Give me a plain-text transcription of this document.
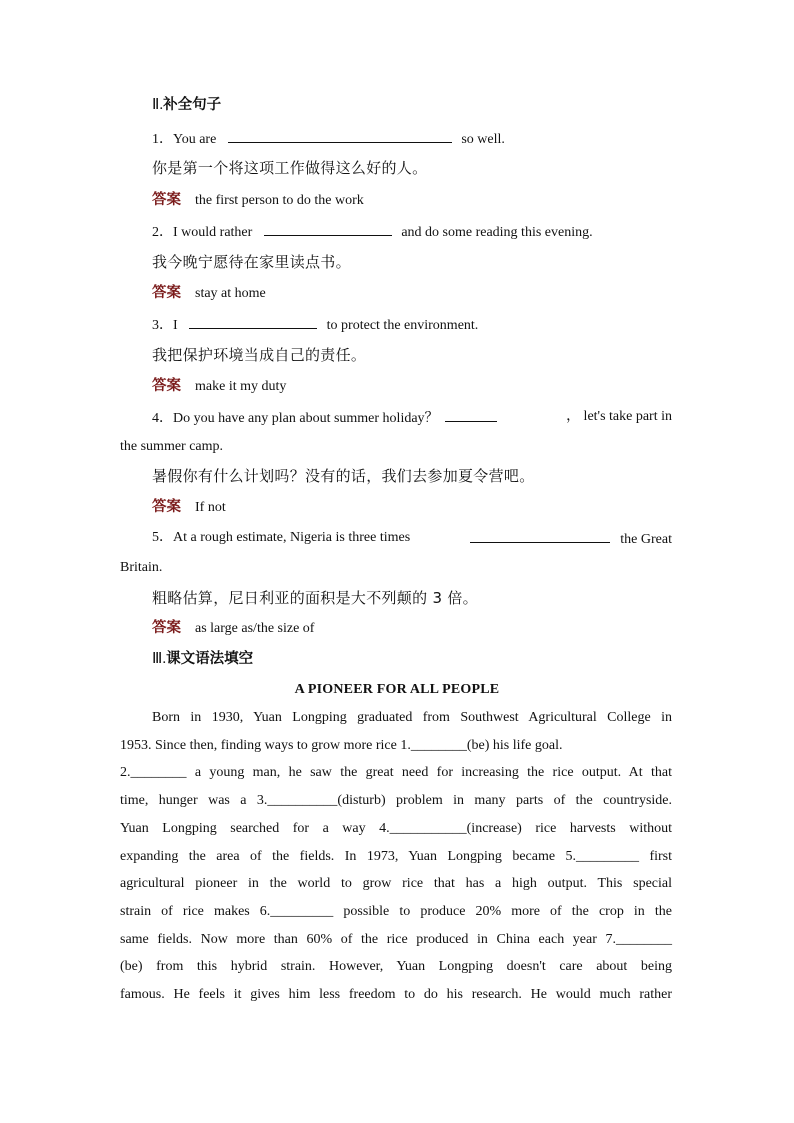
Ⅱ.补全句子
1．You are	so well.
你是第一个将这项工作做得这么好的人。
答案 the first person to do the work
2．I would rather	and do some reading this evening.
我今晚宁愿待在家里读点书。
答案 stay at home
3．I	to protect the environment.
我把保护环境当成自己的责任。
答案 make it my duty
4．Do you have any plan about summer holiday？	， let's take part in
the summer camp.
暑假你有什么计划吗？没有的话，我们去参加夏令营吧。
答案 If not
5．At a rough estimate, Nigeria is three times	the Great
Britain.
粗略估算，尼日利亚的面积是大不列颠的 3 倍。
答案 as large as/the size of
Ⅲ.课文语法填空
A PIONEER FOR ALL PEOPLE
Born in 1930, Yuan Longping graduated from Southwest Agricultural College in
1953. Since then, finding ways to grow more rice 1.________(be) his life goal.
2.________ a young man, he saw the great need for increasing the rice output. At that
time, hunger was a 3.__________(disturb) problem in many parts of the countryside.
Yuan Longping searched for a way 4.___________(increase) rice harvests without
expanding the area of the fields. In 1973, Yuan Longping became 5._________ first
agricultural pioneer in the world to grow rice that has a high output. This special
strain of rice makes 6._________ possible to produce 20% more of the crop in the
same fields. Now more than 60% of the rice produced in China each year 7.________
(be) from this hybrid strain. However, Yuan Longping doesn't care about being
famous. He feels it gives him less freedom to do his research. He would much rather
